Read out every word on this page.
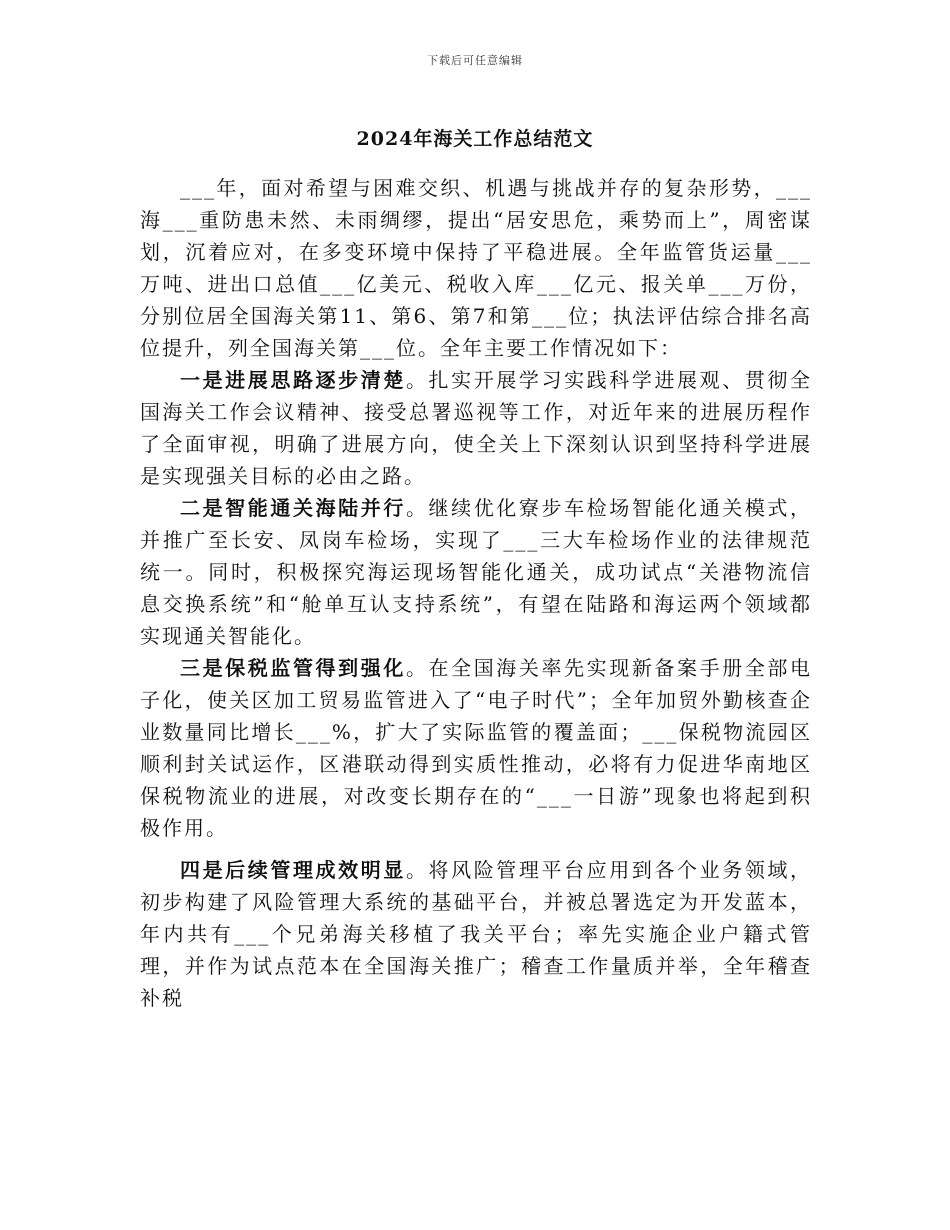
下载后可任意编辑
2024年海关工作总结范文

___年，面对希望与困难交织、机遇与挑战并存的复杂形势，___海___重防患未然、未雨绸缪，提出“居安思危，乘势而上”，周密谋划，沉着应对，在多变环境中保持了平稳进展。全年监管货运量___万吨、进出口总值___亿美元、税收入库___亿元、报关单___万份，分别位居全国海关第11、第6、第7和第___位；执法评估综合排名高位提升，列全国海关第___位。全年主要工作情况如下：

一是进展思路逐步清楚。扎实开展学习实践科学进展观、贯彻全国海关工作会议精神、接受总署巡视等工作，对近年来的进展历程作了全面审视，明确了进展方向，使全关上下深刻认识到坚持科学进展是实现强关目标的必由之路。

二是智能通关海陆并行。继续优化寮步车检场智能化通关模式，并推广至长安、凤岗车检场，实现了___三大车检场作业的法律规范统一。同时，积极探究海运现场智能化通关，成功试点“关港物流信息交换系统”和“舱单互认支持系统”，有望在陆路和海运两个领域都实现通关智能化。

三是保税监管得到强化。在全国海关率先实现新备案手册全部电子化，使关区加工贸易监管进入了“电子时代”；全年加贸外勤核查企业数量同比增长___%，扩大了实际监管的覆盖面；___保税物流园区顺利封关试运作，区港联动得到实质性推动，必将有力促进华南地区保税物流业的进展，对改变长期存在的“___一日游”现象也将起到积极作用。

四是后续管理成效明显。将风险管理平台应用到各个业务领域，初步构建了风险管理大系统的基础平台，并被总署选定为开发蓝本，年内共有___个兄弟海关移植了我关平台；率先实施企业户籍式管理，并作为试点范本在全国海关推广；稽查工作量质并举，全年稽查补税
